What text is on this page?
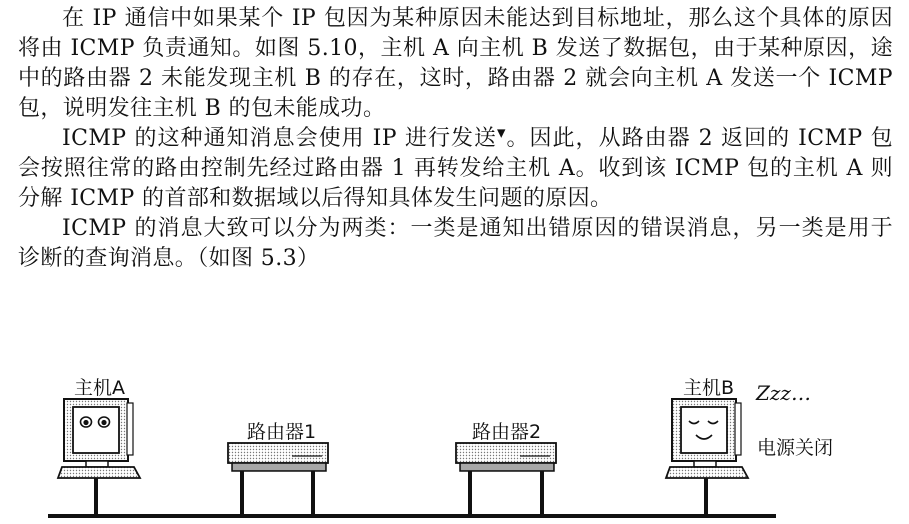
在 IP 通信中如果某个 IP 包因为某种原因未能达到目标地址，那么这个具体的原因将由 ICMP 负责通知。如图 5.10，主机 A 向主机 B 发送了数据包，由于某种原因，途中的路由器 2 未能发现主机 B 的存在，这时，路由器 2 就会向主机 A 发送一个 ICMP 包，说明发往主机 B 的包未能成功。

ICMP 的这种通知消息会使用 IP 进行发送▼。因此，从路由器 2 返回的 ICMP 包会按照往常的路由控制先经过路由器 1 再转发给主机 A。收到该 ICMP 包的主机 A 则分解 ICMP 的首部和数据域以后得知具体发生问题的原因。

ICMP 的消息大致可以分为两类：一类是通知出错原因的错误消息，另一类是用于诊断的查询消息。（如图 5.3）

主机A
路由器1	路由器2
主机B Zzz…
电源关闭
